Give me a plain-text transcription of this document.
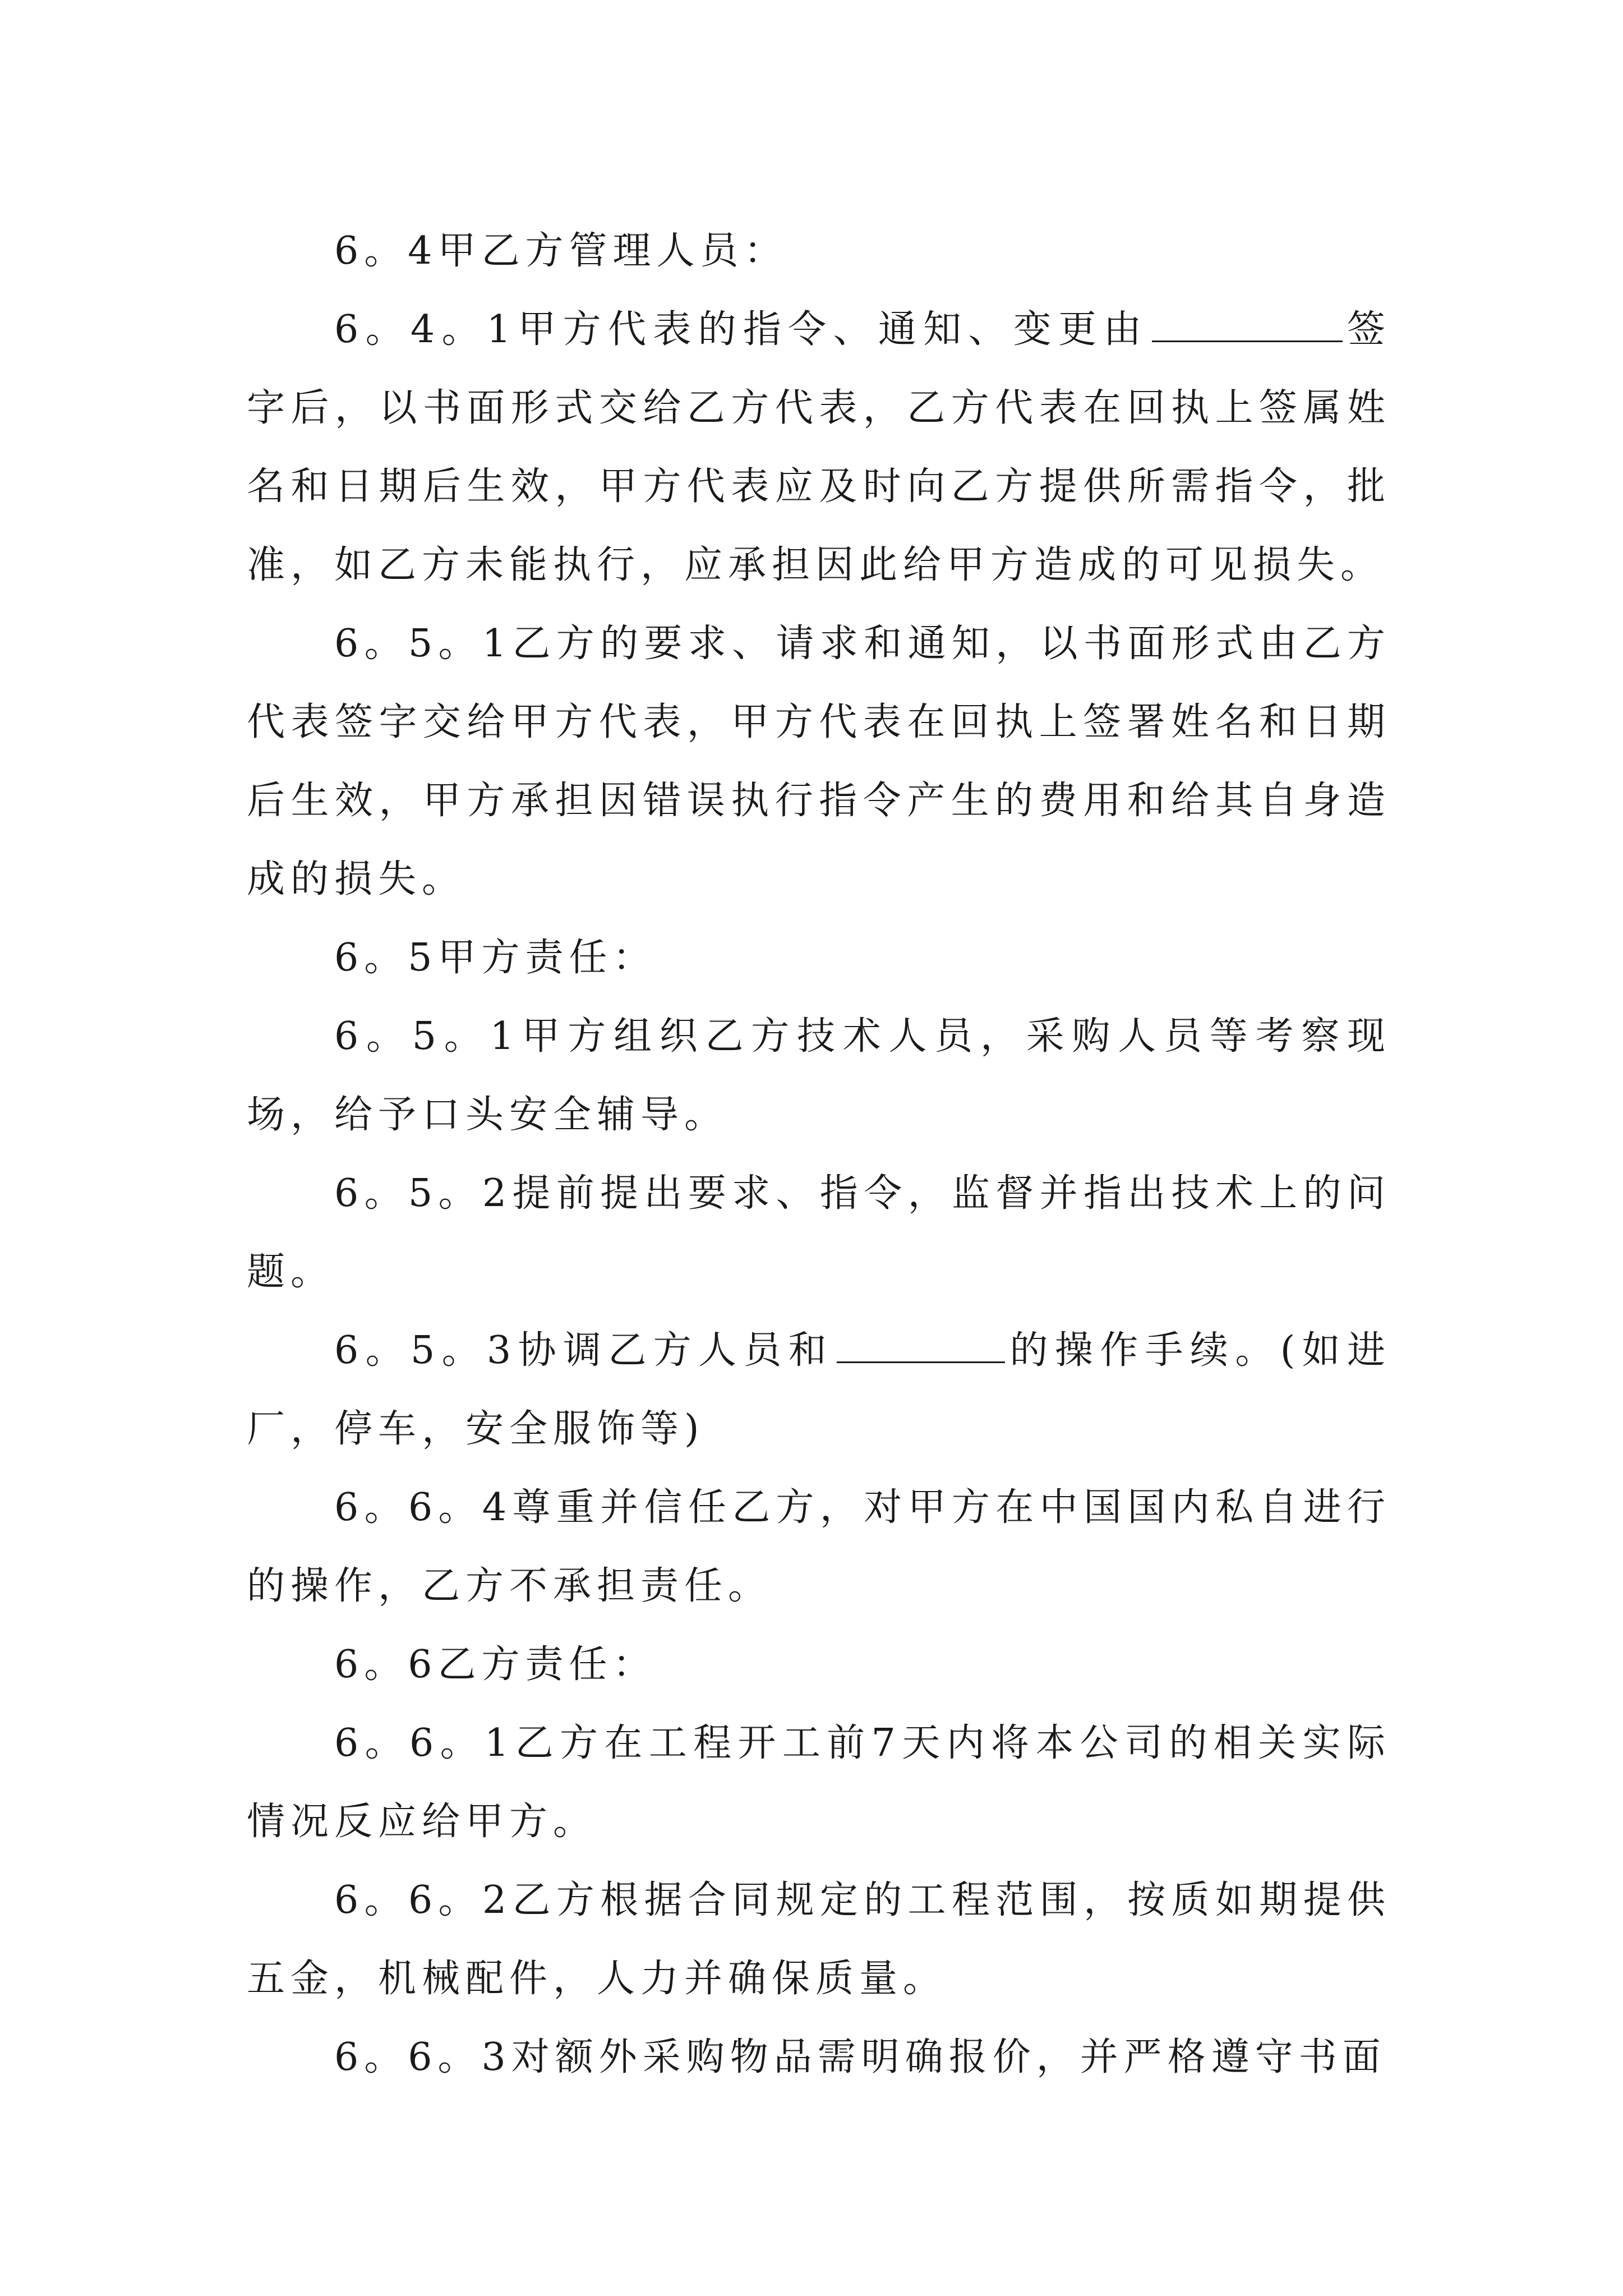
6。4甲乙方管理人员：

6。4。1甲方代表的指令、通知、变更由	签字后，以书面形式交给乙方代表，乙方代表在回执上签属姓名和日期后生效，甲方代表应及时向乙方提供所需指令，批准，如乙方未能执行，应承担因此给甲方造成的可见损失。

6。5。1乙方的要求、请求和通知，以书面形式由乙方代表签字交给甲方代表，甲方代表在回执上签署姓名和日期后生效，甲方承担因错误执行指令产生的费用和给其自身造成的损失。

6。5甲方责任：

6。5。1甲方组织乙方技术人员，采购人员等考察现场，给予口头安全辅导。

6。5。2提前提出要求、指令，监督并指出技术上的问题。

6。5。3协调乙方人员和	的操作手续。(如进厂，停车，安全服饰等)

6。6。4尊重并信任乙方，对甲方在中国国内私自进行的操作，乙方不承担责任。

6。6乙方责任：

6。6。1乙方在工程开工前7天内将本公司的相关实际情况反应给甲方。

6。6。2乙方根据合同规定的工程范围，按质如期提供五金，机械配件，人力并确保质量。

6。6。3对额外采购物品需明确报价，并严格遵守书面
